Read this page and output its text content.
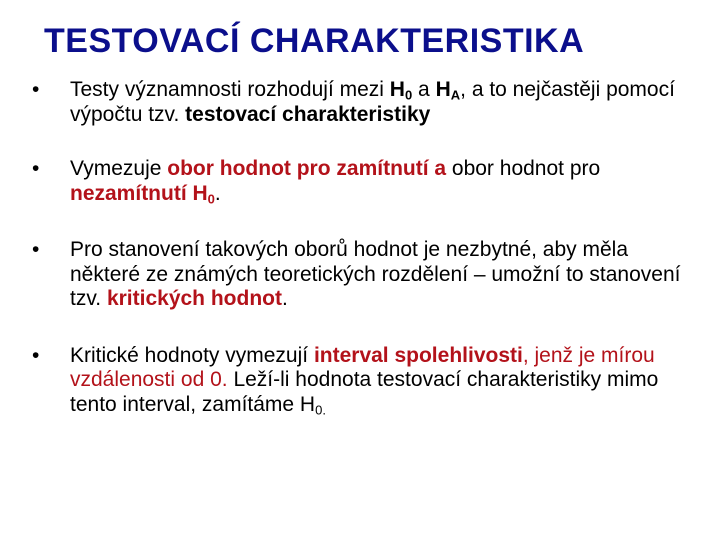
TESTOVACÍ CHARAKTERISTIKA
•	Testy významnosti rozhodují mezi $H_0$ a $H_A$, a to nejčastěji pomocí výpočtu tzv. testovací charakteristiky
•	Vymezuje obor hodnot pro zamítnutí a obor hodnot pro nezamítnutí $H_0$.
•	Pro stanovení takových oborů hodnot je nezbytné, aby měla některé ze známých teoretických rozdělení – umožní to stanovení tzv. kritických hodnot.
•	Kritické hodnoty vymezují interval spolehlivosti, jenž je mírou vzdálenosti od 0. Leží-li hodnota testovací charakteristiky mimo tento interval, zamítáme $H_{0.}$
